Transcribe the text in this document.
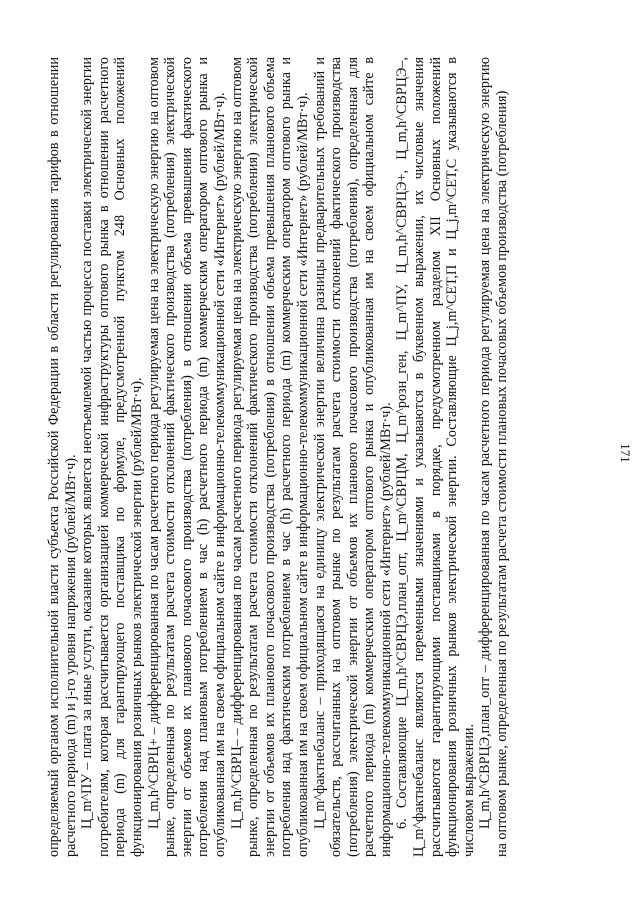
определяемый органом исполнительной власти субъекта Российской Федерации в области регулирования тарифов в отношении расчетного периода (m) и j-го уровня напряжения (рублей/МВт·ч). Ц_m^ПУ – плата за иные услуги, оказание которых является неотъемлемой частью процесса поставки электрической энергии потребителям, которая рассчитывается организацией коммерческой инфраструктуры оптового рынка в отношении расчетного периода (m) для гарантирующего поставщика по формуле, предусмотренной пунктом 248 Основных положений функционирования розничных рынков электрической энергии (рублей/МВт·ч). Ц_m,h^СВРЦ+ – дифференцированная по часам расчетного периода регулируемая цена на электрическую энергию на оптовом рынке, определенная по результатам расчета стоимости отклонений фактического производства (потребления) электрической энергии от объемов их планового почасового производства (потребления) в отношении объема превышения фактического потребления над плановым потреблением в час (h) расчетного периода (m) коммерческим оператором оптового рынка и опубликованная им на своем официальном сайте в информационно-телекоммуникационной сети «Интернет» (рублей/МВт·ч). Ц_m,h^СВРЦ– – дифференцированная по часам расчетного периода регулируемая цена на электрическую энергию на оптовом рынке, определенная по результатам расчета стоимости отклонений фактического производства (потребления) электрической энергии от объемов их планового почасового производства (потребления) в отношении объема превышения планового объема потребления над фактическим потреблением в час (h) расчетного периода (m) коммерческим оператором оптового рынка и опубликованная им на своем официальном сайте в информационно-телекоммуникационной сети «Интернет» (рублей/МВт·ч). Ц_m^фактнебаланс – приходящаяся на единицу электрической энергии величина разницы предварительных требований и обязательств, рассчитанных на оптовом рынке по результатам расчета стоимости отклонений фактического производства (потребления) электрической энергии от объемов их планового почасового производства (потребления), определенная для расчетного периода (m) коммерческим оператором оптового рынка и опубликованная им на своем официальном сайте в информационно-телекоммуникационной сети «Интернет» (рублей/МВт·ч). 6. Составляющие Ц_m,h^СВРЦЭ,план_опт, Ц_m^СВРЦМ, Ц_m^розн_ген, Ц_m^ПУ, Ц_m,h^СВРЦЭ+, Ц_m,h^СВРЦЭ–, Ц_m^фактнебаланс являются переменными значениями и указываются в буквенном выражении, их числовые значения рассчитываются гарантирующими поставщиками в порядке, предусмотренном разделом XII Основных положений функционирования розничных рынков электрической энергии. Составляющие Ц_j,m^СЕТ,П и Ц_j,m^СЕТ,С указываются в числовом выражении. Ц_m,h^СВРЦЭ,план_опт – дифференцированная по часам расчетного периода регулируемая цена на электрическую энергию на оптовом рынке, определенная по результатам расчета стоимости плановых почасовых объемов производства (потребления)	171
